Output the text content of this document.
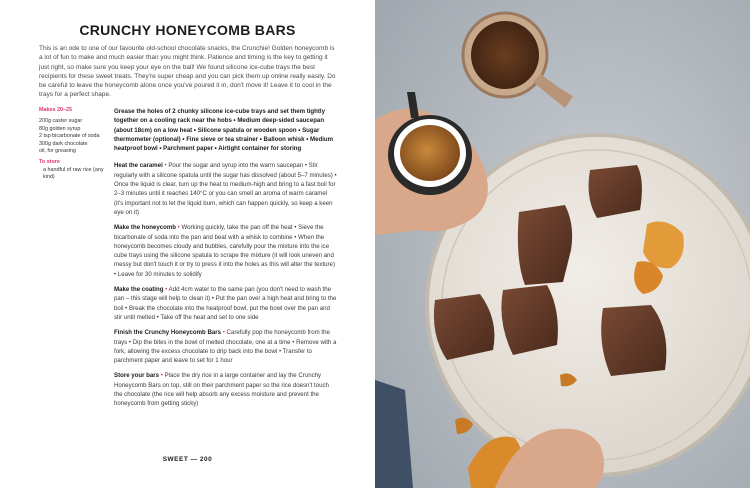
CRUNCHY HONEYCOMB BARS

This is an ode to one of our favourite old-school chocolate snacks, the Crunchie! Golden honeycomb is a lot of fun to make and much easier than you might think. Patience and timing is the key to getting it just right, so make sure you keep your eye on the ball! We found silicone ice-cube trays the best recipients for these sweet treats. They're super cheap and you can pick them up online really easily. Do be careful to leave the honeycomb alone once you've poured it in, don't move it! Leave it to cool in the trays for a perfect shape.

Makes 20–25
200g caster sugar
80g golden syrup
2 tsp bicarbonate of soda
300g dark chocolate
oil, for greasing
To store
a handful of raw rice (any kind)

Grease the holes of 2 chunky silicone ice-cube trays and set them tightly together on a cooling rack near the hobs • Medium deep-sided saucepan (about 18cm) on a low heat • Silicone spatula or wooden spoon • Sugar thermometer (optional) • Fine sieve or tea strainer • Balloon whisk • Medium heatproof bowl • Parchment paper • Airtight container for storing

Heat the caramel • Pour the sugar and syrup into the warm saucepan • Stir regularly with a silicone spatula until the sugar has dissolved (about 5–7 minutes) • Once the liquid is clear, turn up the heat to medium-high and bring to a fast boil for 2–3 minutes until it reaches 140°C or you can smell an aroma of warm caramel (it's important not to let the liquid burn, which can happen quickly, so keep a keen eye on it)

Make the honeycomb • Working quickly, take the pan off the heat • Sieve the bicarbonate of soda into the pan and beat with a whisk to combine • When the honeycomb becomes cloudy and bubbles, carefully pour the mixture into the ice cube trays using the silicone spatula to scrape the mixture (it will look uneven and messy but don't touch it or try to press it into the holes as this will alter the texture) • Leave for 30 minutes to solidify

Make the coating • Add 4cm water to the same pan (you don't need to wash the pan – this stage will help to clean it) • Put the pan over a high heat and bring to the boil • Break the chocolate into the heatproof bowl, put the bowl over the pan and stir until melted • Take off the heat and set to one side

Finish the Crunchy Honeycomb Bars • Carefully pop the honeycomb from the trays • Dip the bites in the bowl of melted chocolate, one at a time • Remove with a fork, allowing the excess chocolate to drip back into the bowl • Transfer to parchment paper and leave to set for 1 hour

Store your bars • Place the dry rice in a large container and lay the Crunchy Honeycomb Bars on top, still on their parchment paper so the rice doesn't touch the chocolate (the rice will help absorb any excess moisture and prevent the honeycomb from getting sticky)

SWEET — 200
